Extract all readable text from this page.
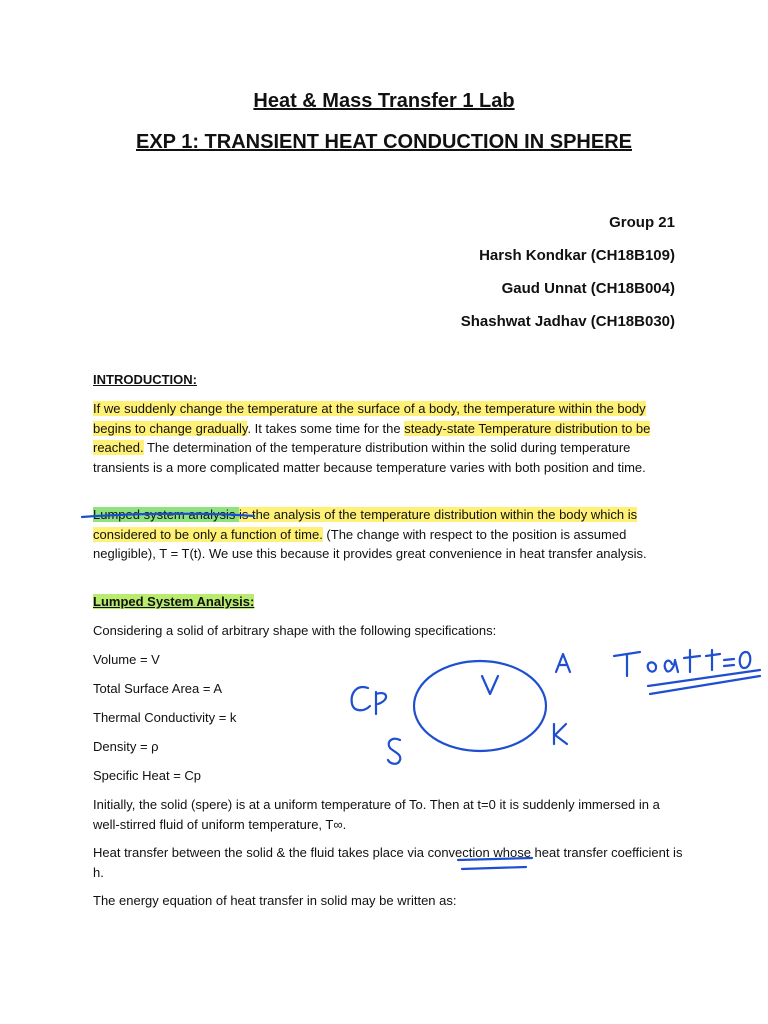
Heat & Mass Transfer 1 Lab
EXP 1: TRANSIENT HEAT CONDUCTION IN SPHERE
Group 21
Harsh Kondkar (CH18B109)
Gaud Unnat (CH18B004)
Shashwat Jadhav (CH18B030)
INTRODUCTION:
If we suddenly change the temperature at the surface of a body, the temperature within the body begins to change gradually. It takes some time for the steady-state Temperature distribution to be reached. The determination of the temperature distribution within the solid during temperature transients is a more complicated matter because temperature varies with both position and time.
Lumped system analysis is the analysis of the temperature distribution within the body which is considered to be only a function of time. (The change with respect to the position is assumed negligible), T = T(t). We use this because it provides great convenience in heat transfer analysis.
Lumped System Analysis:
Considering a solid of arbitrary shape with the following specifications:
Volume = V
Total Surface Area = A
Thermal Conductivity = k
Density = ρ
Specific Heat = Cp
Initially, the solid (spere) is at a uniform temperature of To. Then at t=0 it is suddenly immersed in a well-stirred fluid of uniform temperature, T∞.
Heat transfer between the solid & the fluid takes place via convection whose heat transfer coefficient is h.
The energy equation of heat transfer in solid may be written as:
